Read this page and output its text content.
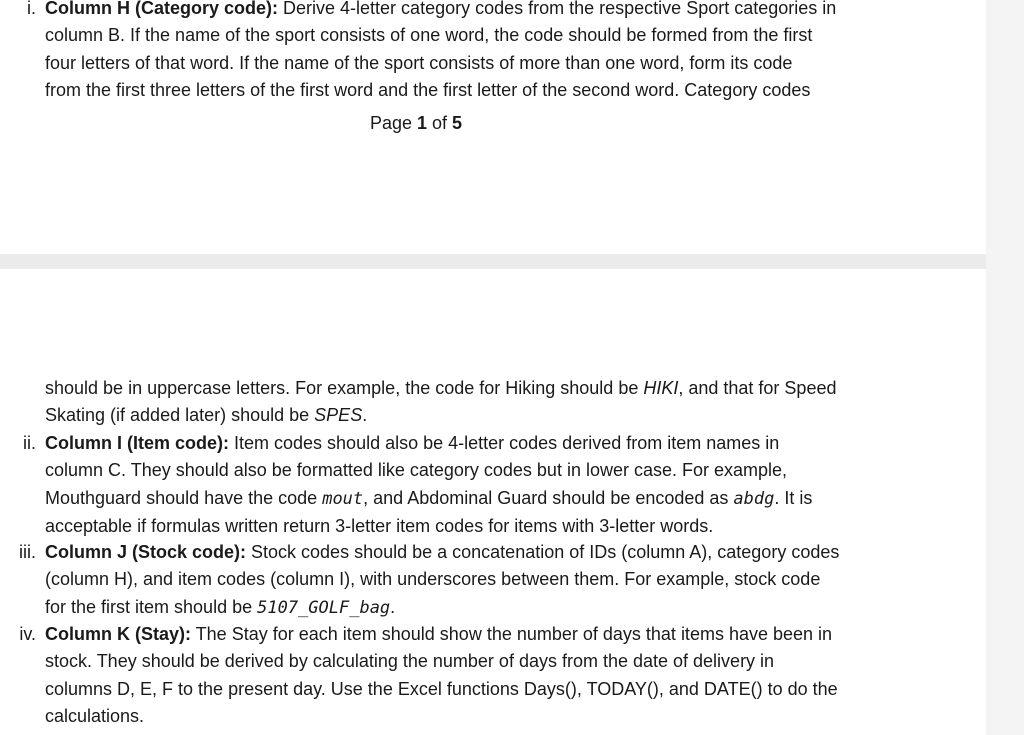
i. Column H (Category code): Derive 4-letter category codes from the respective Sport categories in

column B. If the name of the sport consists of one word, the code should be formed from the first

four letters of that word. If the name of the sport consists of more than one word, form its code

from the first three letters of the first word and the first letter of the second word. Category codes

Page 1 of 5

should be in uppercase letters. For example, the code for Hiking should be HIKI, and that for Speed

Skating (if added later) should be SPES.

ii. Column I (Item code): Item codes should also be 4-letter codes derived from item names in

column C. They should also be formatted like category codes but in lower case. For example,

Mouthguard should have the code mout, and Abdominal Guard should be encoded as abdg. It is

acceptable if formulas written return 3-letter item codes for items with 3-letter words.

iii. Column J (Stock code): Stock codes should be a concatenation of IDs (column A), category codes

(column H), and item codes (column I), with underscores between them. For example, stock code

for the first item should be 5107_GOLF_bag.

iv. Column K (Stay): The Stay for each item should show the number of days that items have been in

stock. They should be derived by calculating the number of days from the date of delivery in

columns D, E, F to the present day. Use the Excel functions Days(), TODAY(), and DATE() to do the

calculations.
